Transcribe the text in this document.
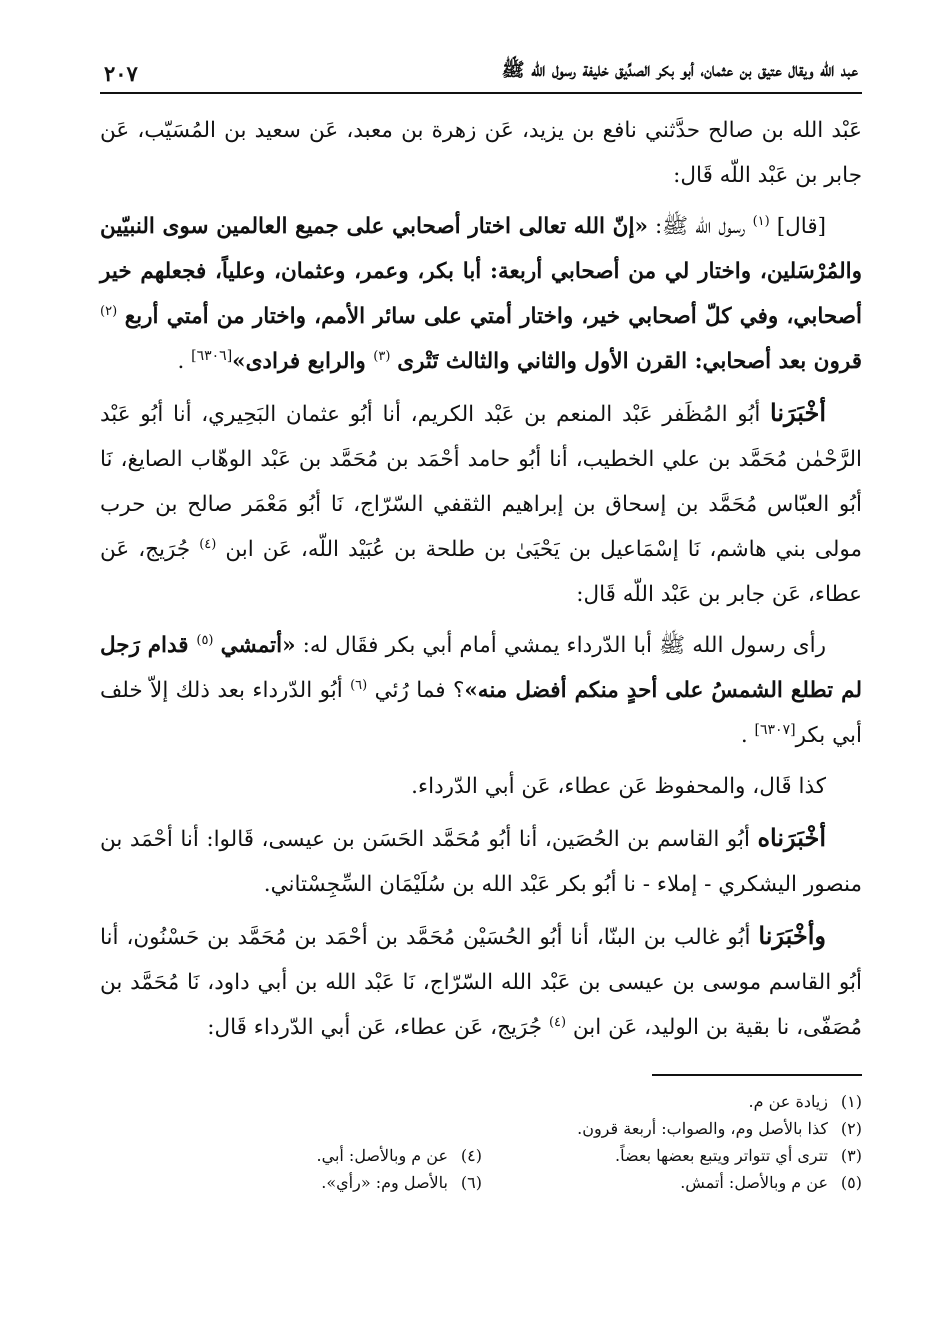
عبد الله ويقال عتيق بن عثمان، أبو بكر الصدِّيق خليفة رسول الله ﷺ
٢٠٧

عَبْد الله بن صالح حدَّثني نافع بن يزيد، عَن زهرة بن معبد، عَن سعيد بن المُسَيّب، عَن جابر بن عَبْد اللّه قَال:

[قال] $^{(١)}$ رسول الله ﷺ: «إنّ الله تعالى اختار أصحابي على جميع العالمين سوى النبيّين والمُرْسَلين، واختار لي من أصحابي أربعة: أبا بكر، وعمر، وعثمان، وعلياً، فجعلهم خير أصحابي، وفي كلّ أصحابي خير، واختار أمتي على سائر الأمم، واختار من أمتي أربع $^{(٢)}$ قرون بعد أصحابي: القرن الأول والثاني والثالث تَتْرى $^{(٣)}$ والرابع فرادى»[٦٣٠٦] .

أخْبَرَنا أبُو المُظَفر عَبْد المنعم بن عَبْد الكريم، أنا أبُو عثمان البَحِيري، أنا أبُو عَبْد الرَّحْمٰن مُحَمَّد بن علي الخطيب، أنا أبُو حامد أحْمَد بن مُحَمَّد بن عَبْد الوهّاب الصايغ، نَا أبُو العبّاس مُحَمَّد بن إسحاق بن إبراهيم الثقفي السّرّاج، نَا أبُو مَعْمَر صالح بن حرب مولى بني هاشم، نَا إسْمَاعيل بن يَحْيَىٰ بن طلحة بن عُبَيْد اللّه، عَن ابن $^{(٤)}$ جُرَيج، عَن عطاء، عَن جابر بن عَبْد اللّه قَال:

رأى رسول الله ﷺ أبا الدّرداء يمشي أمام أبي بكر فقَال له: «أتمشي $^{(٥)}$ قدام رَجل لم تطلع الشمسُ على أحدٍ منكم أفضل منه»؟ فما رُئي $^{(٦)}$ أبُو الدّرداء بعد ذلك إلاّ خلف أبي بكر[٦٣٠٧] .

كذا قَال، والمحفوظ عَن عطاء، عَن أبي الدّرداء.

أخْبَرَناه أبُو القاسم بن الحُصَين، أنا أبُو مُحَمَّد الحَسَن بن عيسى، قَالوا: أنا أحْمَد بن منصور اليشكري - إملاء - نا أبُو بكر عَبْد الله بن سُلَيْمَان السِّجِسْتاني.

وأخْبَرَنا أبُو غالب بن البنّا، أنا أبُو الحُسَيْن مُحَمَّد بن أحْمَد بن مُحَمَّد بن حَسْنُون، أنا أبُو القاسم موسى بن عيسى بن عَبْد الله السّرّاج، نَا عَبْد الله بن أبي داود، نَا مُحَمَّد بن مُصَفّى، نا بقية بن الوليد، عَن ابن $^{(٤)}$ جُرَيج، عَن عطاء، عَن أبي الدّرداء قَال:

(١)زيادة عن م.
(٢)كذا بالأصل وم، والصواب: أربعة قرون.
(٣)تترى أي تتواتر ويتبع بعضها بعضاً.
(٤)عن م وبالأصل: أبي.
(٥)عن م وبالأصل: أتمش.
(٦)بالأصل وم: «رأي».
